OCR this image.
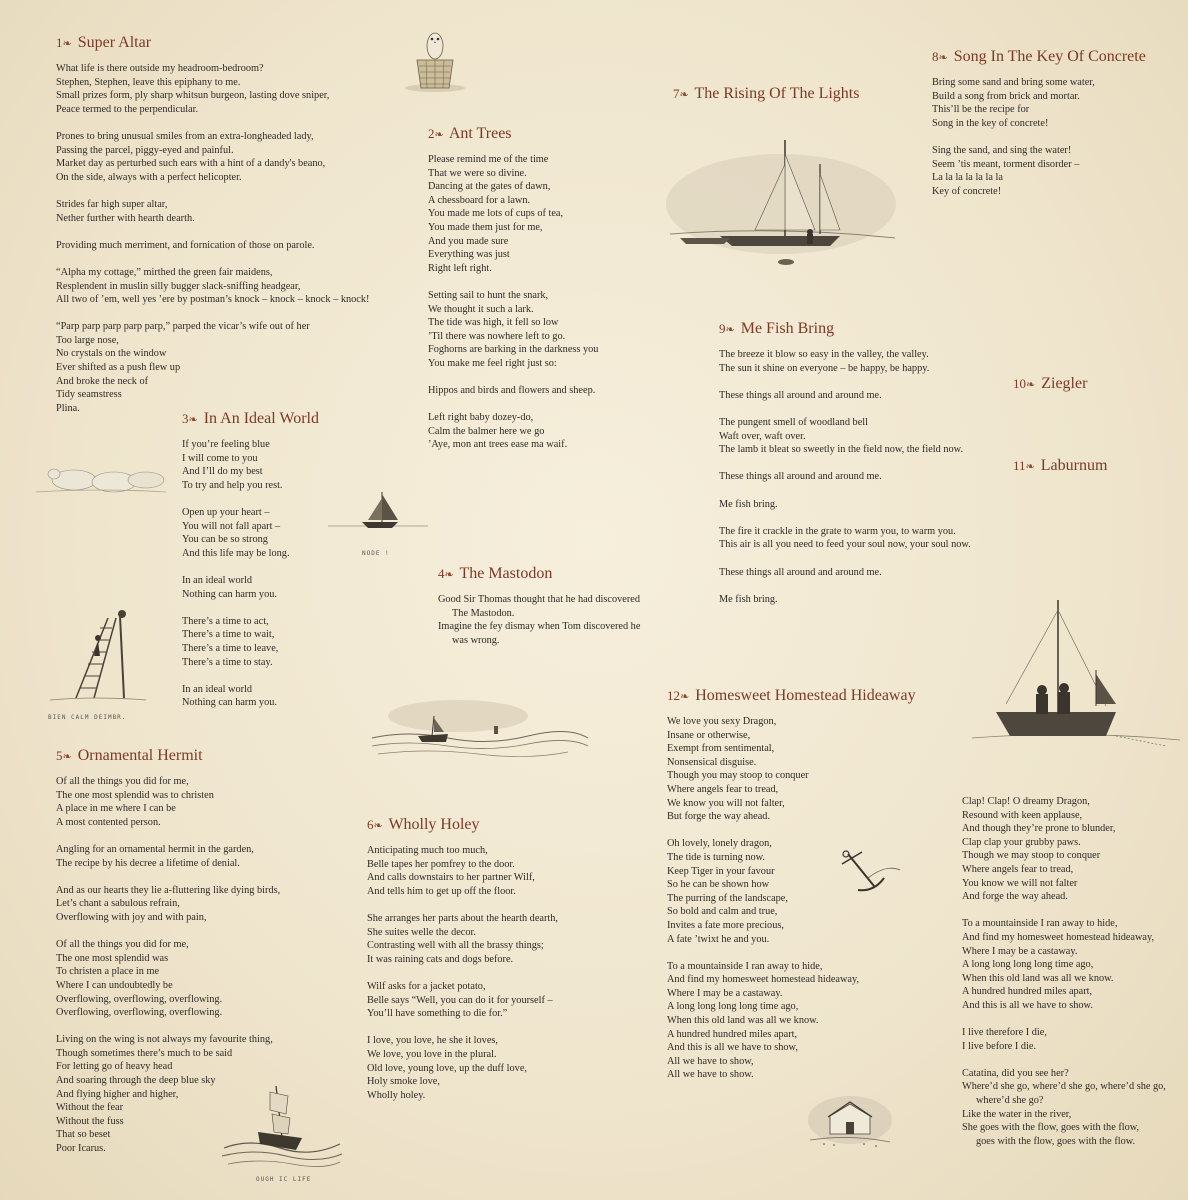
1❧ Super Altar

What life is there outside my headroom-bedroom?
Stephen, Stephen, leave this epiphany to me.
Small prizes form, ply sharp whitsun burgeon, lasting dove sniper,
Peace termed to the perpendicular.

Prones to bring unusual smiles from an extra-longheaded lady,
Passing the parcel, piggy-eyed and painful.
Market day as perturbed such ears with a hint of a dandy's beano,
On the side, always with a perfect helicopter.

Strides far high super altar,
Nether further with hearth dearth.

Providing much merriment, and fornication of those on parole.

“Alpha my cottage,” mirthed the green fair maidens,
Resplendent in muslin silly bugger slack-sniffing headgear,
All two of ’em, well yes ’ere by postman’s knock – knock – knock – knock!

“Parp parp parp parp parp,” parped the vicar’s wife out of her
Too large nose,
No crystals on the window
Ever shifted as a push flew up
And broke the neck of
Tidy seamstress
Plina.

2❧ Ant Trees

Please remind me of the time
That we were so divine.
Dancing at the gates of dawn,
A chessboard for a lawn.
You made me lots of cups of tea,
You made them just for me,
And you made sure
Everything was just
Right left right.

Setting sail to hunt the snark,
We thought it such a lark.
The tide was high, it fell so low
’Til there was nowhere left to go.
Foghorns are barking in the darkness you
You make me feel right just so:

Hippos and birds and flowers and sheep.

Left right baby dozey-do,
Calm the balmer here we go
’Aye, mon ant trees ease ma waif.

3❧ In An Ideal World

If you’re feeling blue
I will come to you
And I’ll do my best
To try and help you rest.

Open up your heart –
You will not fall apart –
You can be so strong
And this life may be long.

In an ideal world
Nothing can harm you.

There’s a time to act,
There’s a time to wait,
There’s a time to leave,
There’s a time to stay.

In an ideal world
Nothing can harm you.

4❧ The Mastodon

Good Sir Thomas thought that he had discovered
The Mastodon.
Imagine the fey dismay when Tom discovered he
was wrong.

5❧ Ornamental Hermit

Of all the things you did for me,
The one most splendid was to christen
A place in me where I can be
A most contented person.

Angling for an ornamental hermit in the garden,
The recipe by his decree a lifetime of denial.

And as our hearts they lie a-fluttering like dying birds,
Let’s chant a sabulous refrain,
Overflowing with joy and with pain,

Of all the things you did for me,
The one most splendid was
To christen a place in me
Where I can undoubtedly be
Overflowing, overflowing, overflowing.
Overflowing, overflowing, overflowing.

Living on the wing is not always my favourite thing,
Though sometimes there’s much to be said
For letting go of heavy head
And soaring through the deep blue sky
And flying higher and higher,
Without the fear
Without the fuss
That so beset
Poor Icarus.

6❧ Wholly Holey

Anticipating much too much,
Belle tapes her pomfrey to the door.
And calls downstairs to her partner Wilf,
And tells him to get up off the floor.

She arranges her parts about the hearth dearth,
She suites welle the decor.
Contrasting well with all the brassy things;
It was raining cats and dogs before.

Wilf asks for a jacket potato,
Belle says “Well, you can do it for yourself –
You’ll have something to die for.”

I love, you love, he she it loves,
We love, you love in the plural.
Old love, young love, up the duff love,
Holy smoke love,
Wholly holey.

7❧ The Rising Of The Lights
8❧ Song In The Key Of Concrete

Bring some sand and bring some water,
Build a song from brick and mortar.
This’ll be the recipe for
Song in the key of concrete!

Sing the sand, and sing the water!
Seem ’tis meant, torment disorder –
La la la la la la la
Key of concrete!

9❧ Me Fish Bring

The breeze it blow so easy in the valley, the valley.
The sun it shine on everyone – be happy, be happy.

These things all around and around me.

The pungent smell of woodland bell
Waft over, waft over.
The lamb it bleat so sweetly in the field now, the field now.

These things all around and around me.

Me fish bring.

The fire it crackle in the grate to warm you, to warm you.
This air is all you need to feed your soul now, your soul now.

These things all around and around me.

Me fish bring.

10❧ Ziegler
11❧ Laburnum
12❧ Homesweet Homestead Hideaway

We love you sexy Dragon,
Insane or otherwise,
Exempt from sentimental,
Nonsensical disguise.
Though you may stoop to conquer
Where angels fear to tread,
We know you will not falter,
But forge the way ahead.

Oh lovely, lonely dragon,
The tide is turning now.
Keep Tiger in your favour
So he can be shown how
The purring of the landscape,
So bold and calm and true,
Invites a fate more precious,
A fate ’twixt he and you.

To a mountainside I ran away to hide,
And find my homesweet homestead hideaway,
Where I may be a castaway.
A long long long long time ago,
When this old land was all we know.
A hundred hundred miles apart,
And this is all we have to show,
All we have to show,
All we have to show.

Clap! Clap! O dreamy Dragon,
Resound with keen applause,
And though they’re prone to blunder,
Clap clap your grubby paws.
Though we may stoop to conquer
Where angels fear to tread,
You know we will not falter
And forge the way ahead.

To a mountainside I ran away to hide,
And find my homesweet homestead hideaway,
Where I may be a castaway.
A long long long long time ago,
When this old land was all we know.
A hundred hundred miles apart,
And this is all we have to show.

I live therefore I die,
I live before I die.

Catatina, did you see her?
Where’d she go, where’d she go, where’d she go,
where’d she go?
Like the water in the river,
She goes with the flow, goes with the flow,
goes with the flow, goes with the flow.

NODE !
BIEN CALM DEIMBR.
OUGH IC LIFE
